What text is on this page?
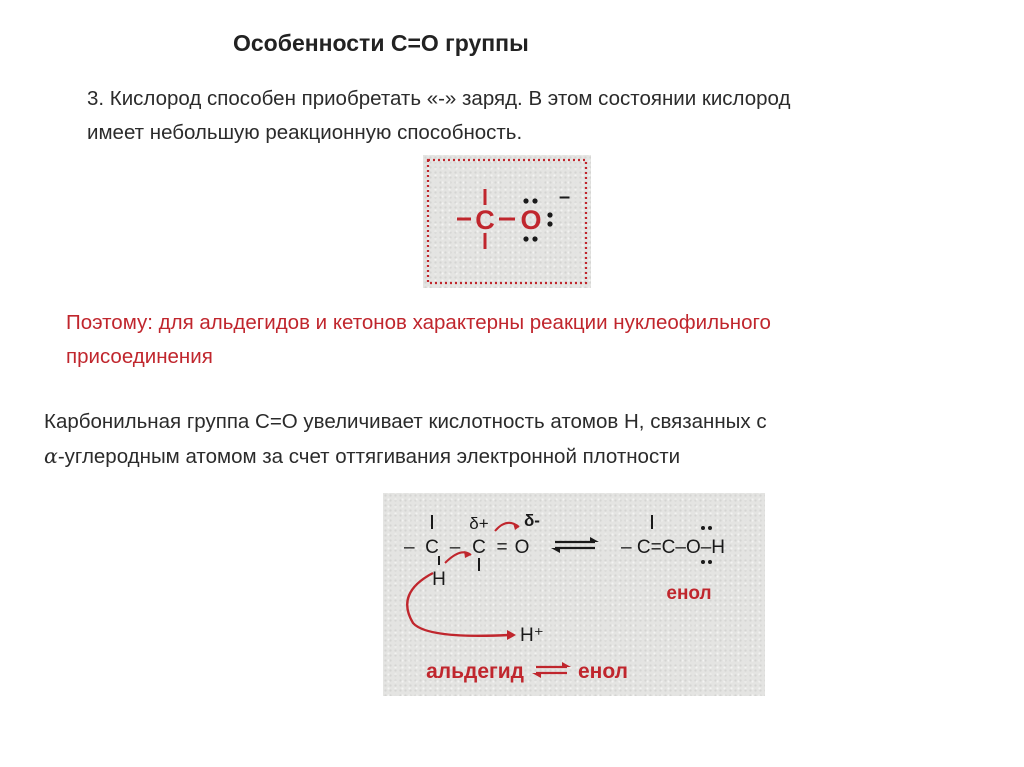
Особенности С=О группы
3. Кислород способен приобретать «-» заряд. В этом состоянии кислород
имеет небольшую реакционную способность.
C O
–
Поэтому: для альдегидов и кетонов характерны реакции нуклеофильного
присоединения
Карбонильная группа С=О увеличивает кислотность атомов Н, связанных с
α-углеродным атомом за счет оттягивания электронной плотности
– C – C = O
δ+ δ-
H
H⁺
– C=C–O–H
енол
альдегид	енол
